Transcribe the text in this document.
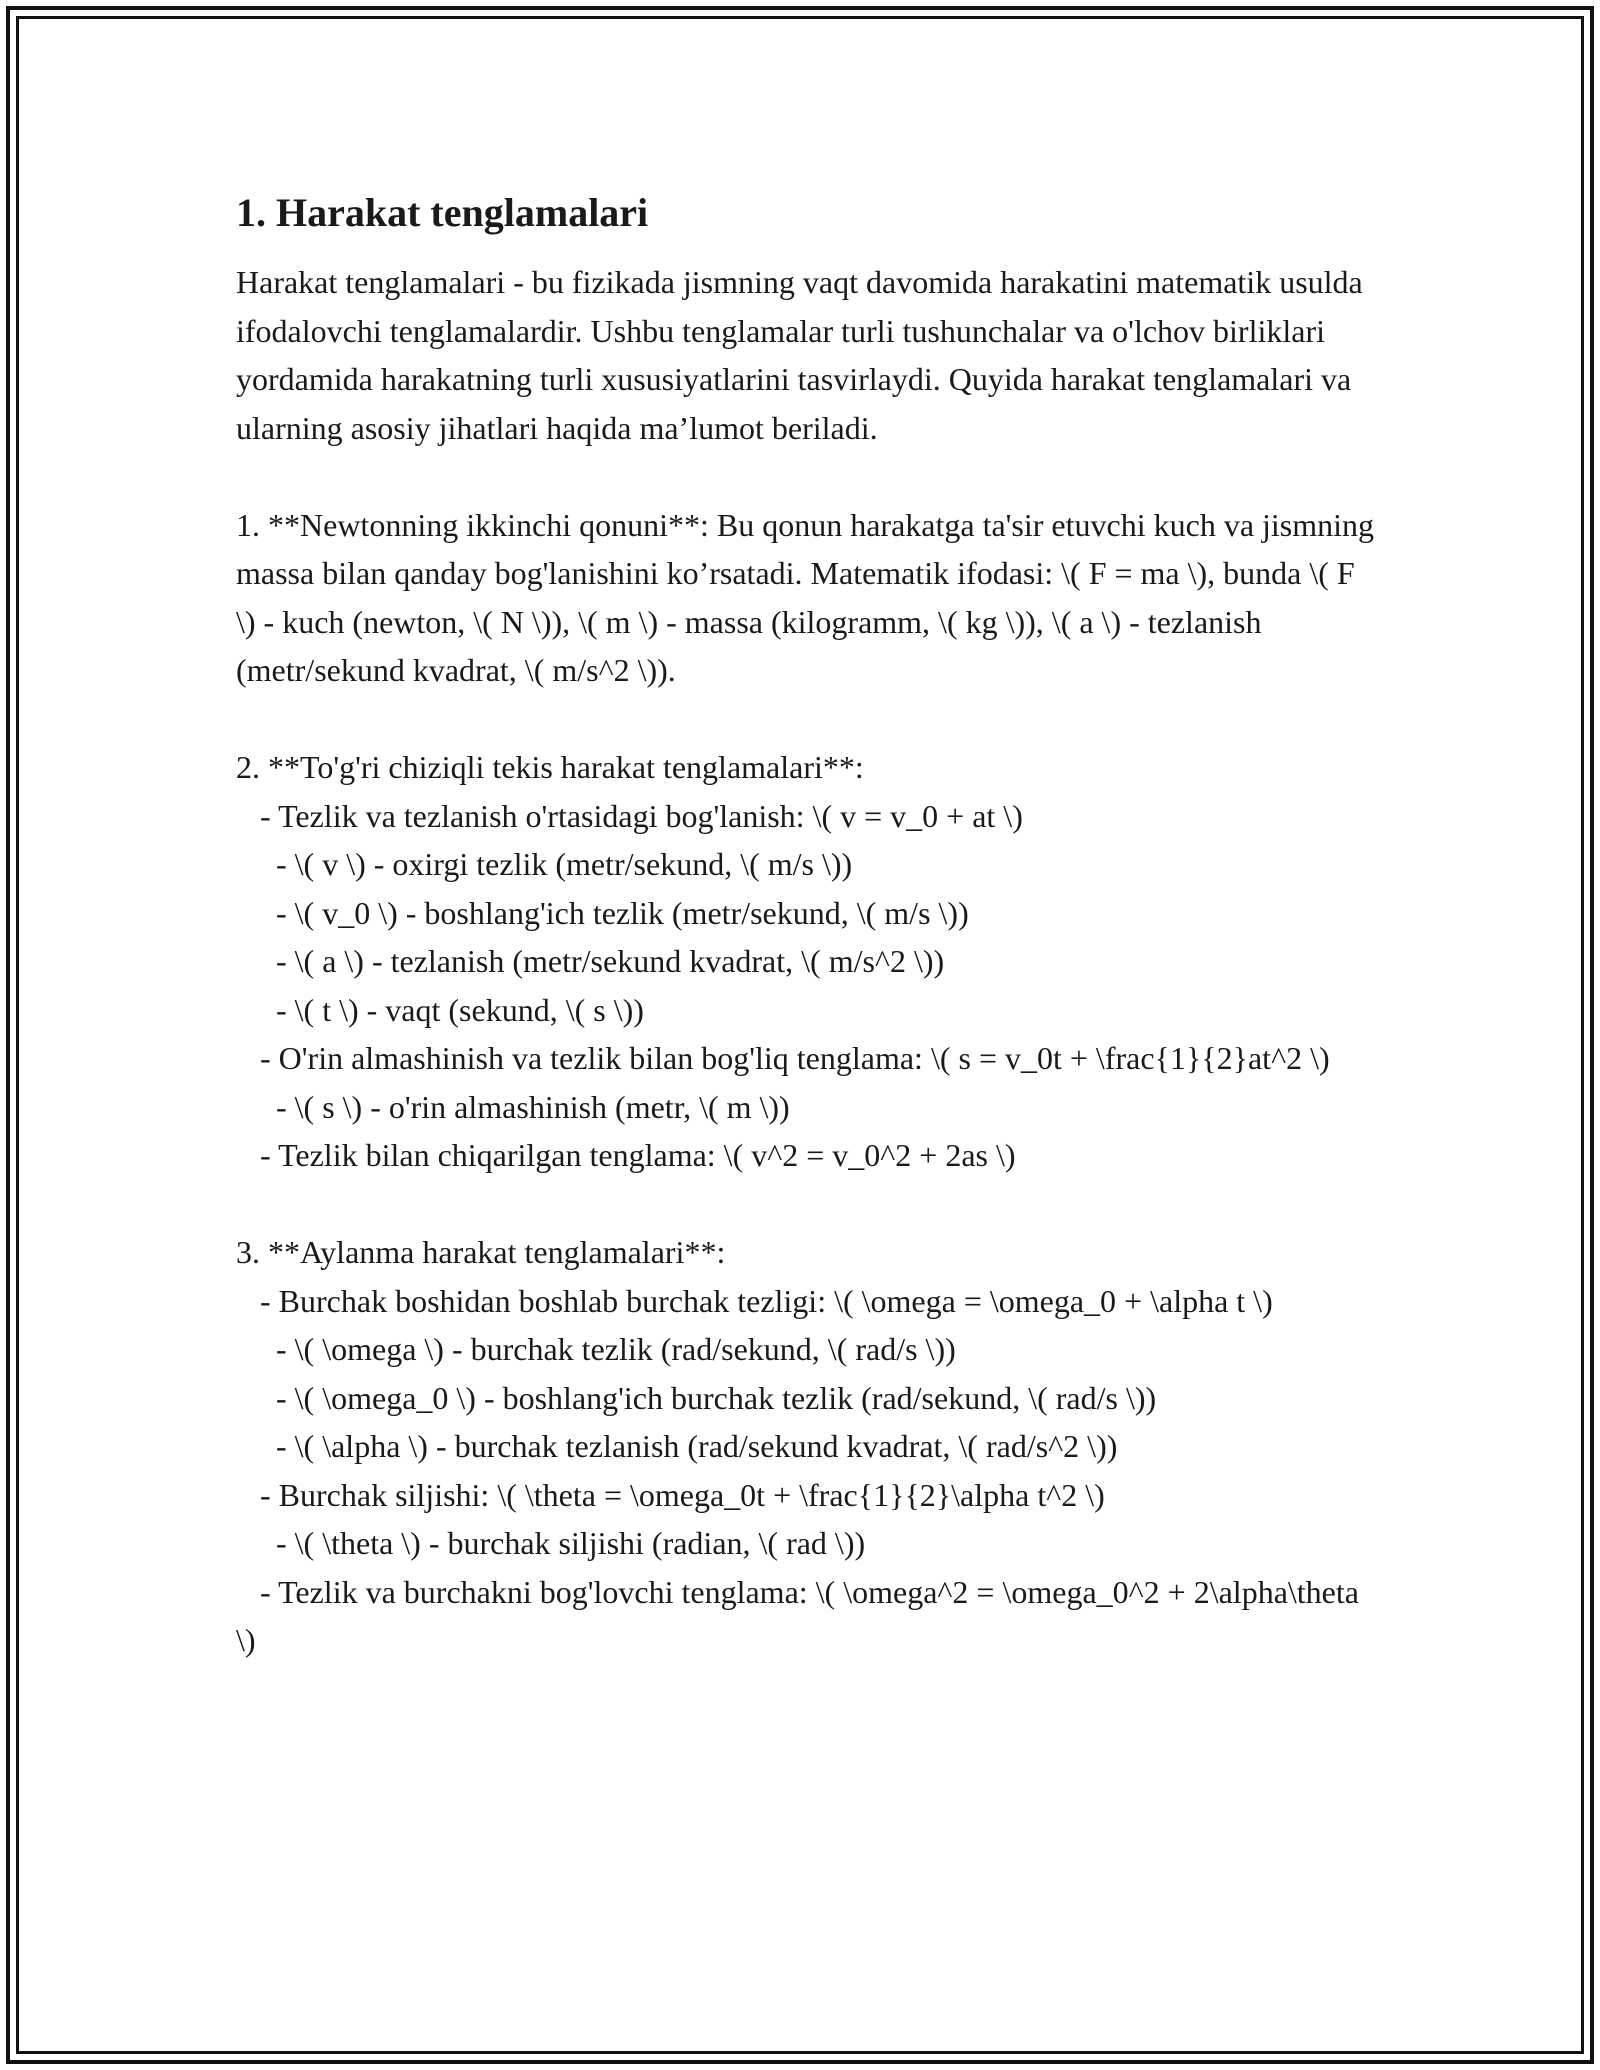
1. Harakat tenglamalari

Harakat tenglamalari - bu fizikada jismning vaqt davomida harakatini matematik usulda ifodalovchi tenglamalardir. Ushbu tenglamalar turli tushunchalar va o'lchov birliklari yordamida harakatning turli xususiyatlarini tasvirlaydi. Quyida harakat tenglamalari va ularning asosiy jihatlari haqida ma’lumot beriladi.

1. **Newtonning ikkinchi qonuni**: Bu qonun harakatga ta'sir etuvchi kuch va jismning massa bilan qanday bog'lanishini ko’rsatadi. Matematik ifodasi: \( F = ma \), bunda \( F \) - kuch (newton, \( N \)), \( m \) - massa (kilogramm, \( kg \)), \( a \) - tezlanish (metr/sekund kvadrat, \( m/s^2 \)).

2. **To'g'ri chiziqli tekis harakat tenglamalari**:
- Tezlik va tezlanish o'rtasidagi bog'lanish: \( v = v_0 + at \)
- \( v \) - oxirgi tezlik (metr/sekund, \( m/s \))
- \( v_0 \) - boshlang'ich tezlik (metr/sekund, \( m/s \))
- \( a \) - tezlanish (metr/sekund kvadrat, \( m/s^2 \))
- \( t \) - vaqt (sekund, \( s \))
- O'rin almashinish va tezlik bilan bog'liq tenglama: \( s = v_0t + \frac{1}{2}at^2 \)
- \( s \) - o'rin almashinish (metr, \( m \))
- Tezlik bilan chiqarilgan tenglama: \( v^2 = v_0^2 + 2as \)

3. **Aylanma harakat tenglamalari**:
- Burchak boshidan boshlab burchak tezligi: \( \omega = \omega_0 + \alpha t \)
- \( \omega \) - burchak tezlik (rad/sekund, \( rad/s \))
- \( \omega_0 \) - boshlang'ich burchak tezlik (rad/sekund, \( rad/s \))
- \( \alpha \) - burchak tezlanish (rad/sekund kvadrat, \( rad/s^2 \))
- Burchak siljishi: \( \theta = \omega_0t + \frac{1}{2}\alpha t^2 \)
- \( \theta \) - burchak siljishi (radian, \( rad \))
- Tezlik va burchakni bog'lovchi tenglama: \( \omega^2 = \omega_0^2 + 2\alpha\theta \)
